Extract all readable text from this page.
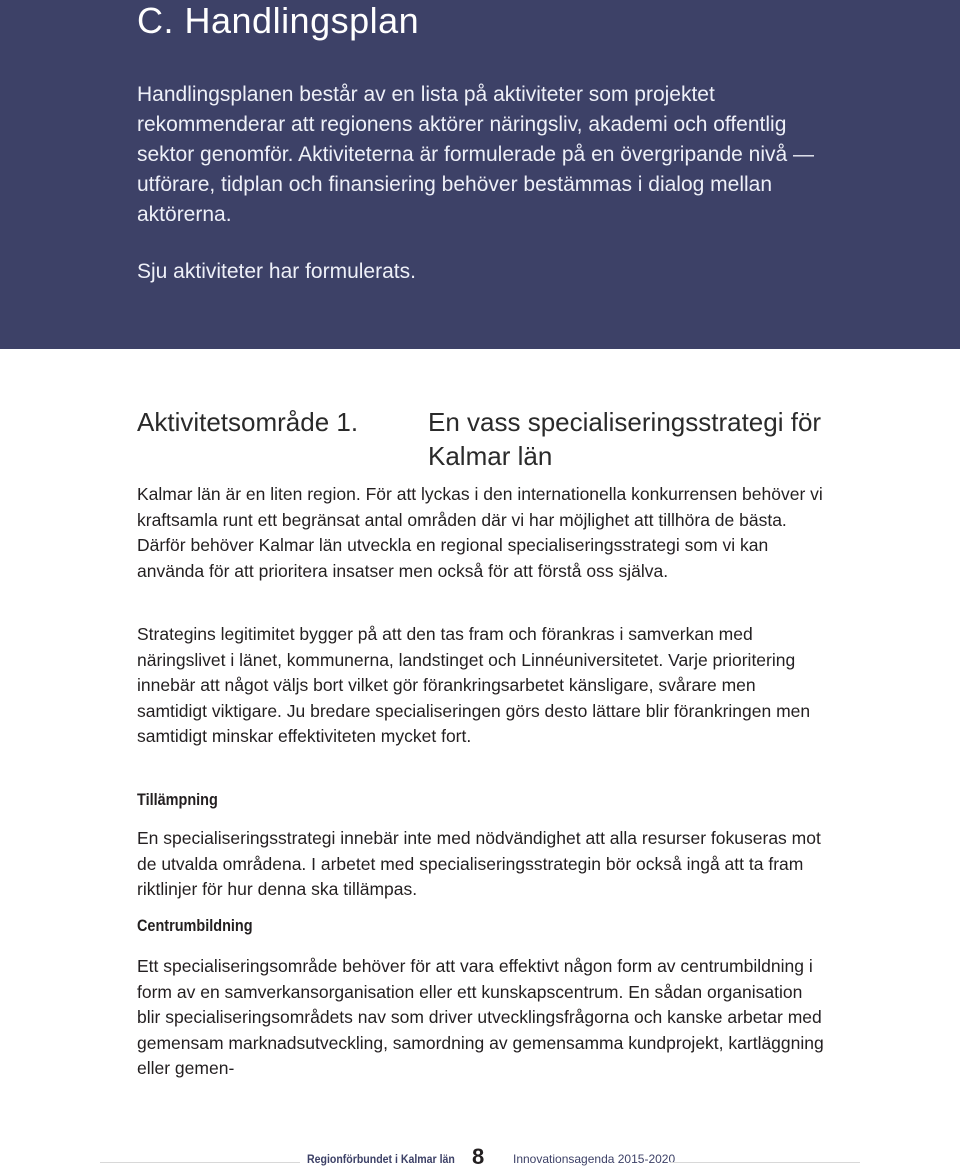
C. Handlingsplan

Handlingsplanen består av en lista på aktiviteter som projektet rekommenderar att regionens aktörer näringsliv, akademi och offentlig sektor genomför. Aktiviteterna är formulerade på en övergripande nivå — utförare, tidplan och finansiering behöver bestämmas i dialog mellan aktörerna.

Sju aktiviteter har formulerats.

Aktivitetsområde 1.	En vass specialiseringsstrategi för Kalmar län

Kalmar län är en liten region. För att lyckas i den internationella konkurrensen behöver vi kraftsamla runt ett begränsat antal områden där vi har möjlighet att tillhöra de bästa. Därför behöver Kalmar län utveckla en regional specialiseringsstrategi som vi kan använda för att prioritera insatser men också för att förstå oss själva.

Strategins legitimitet bygger på att den tas fram och förankras i samverkan med näringslivet i länet, kommunerna, landstinget och Linnéuniversitetet. Varje prioritering innebär att något väljs bort vilket gör förankringsarbetet känsligare, svårare men samtidigt viktigare. Ju bredare specialiseringen görs desto lättare blir förankringen men samtidigt minskar effektiviteten mycket fort.

Tillämpning

En specialiseringsstrategi innebär inte med nödvändighet att alla resurser fokuseras mot de utvalda områdena. I arbetet med specialiseringsstrategin bör också ingå att ta fram riktlinjer för hur denna ska tillämpas.

Centrumbildning

Ett specialiseringsområde behöver för att vara effektivt någon form av centrumbildning i form av en samverkansorganisation eller ett kunskapscentrum. En sådan organisation blir specialiseringsområdets nav som driver utvecklingsfrågorna och kanske arbetar med gemensam marknadsutveckling, samordning av gemensamma kundprojekt, kartläggning eller gemen-

Regionförbundet i Kalmar län 8 Innovationsagenda 2015-2020
